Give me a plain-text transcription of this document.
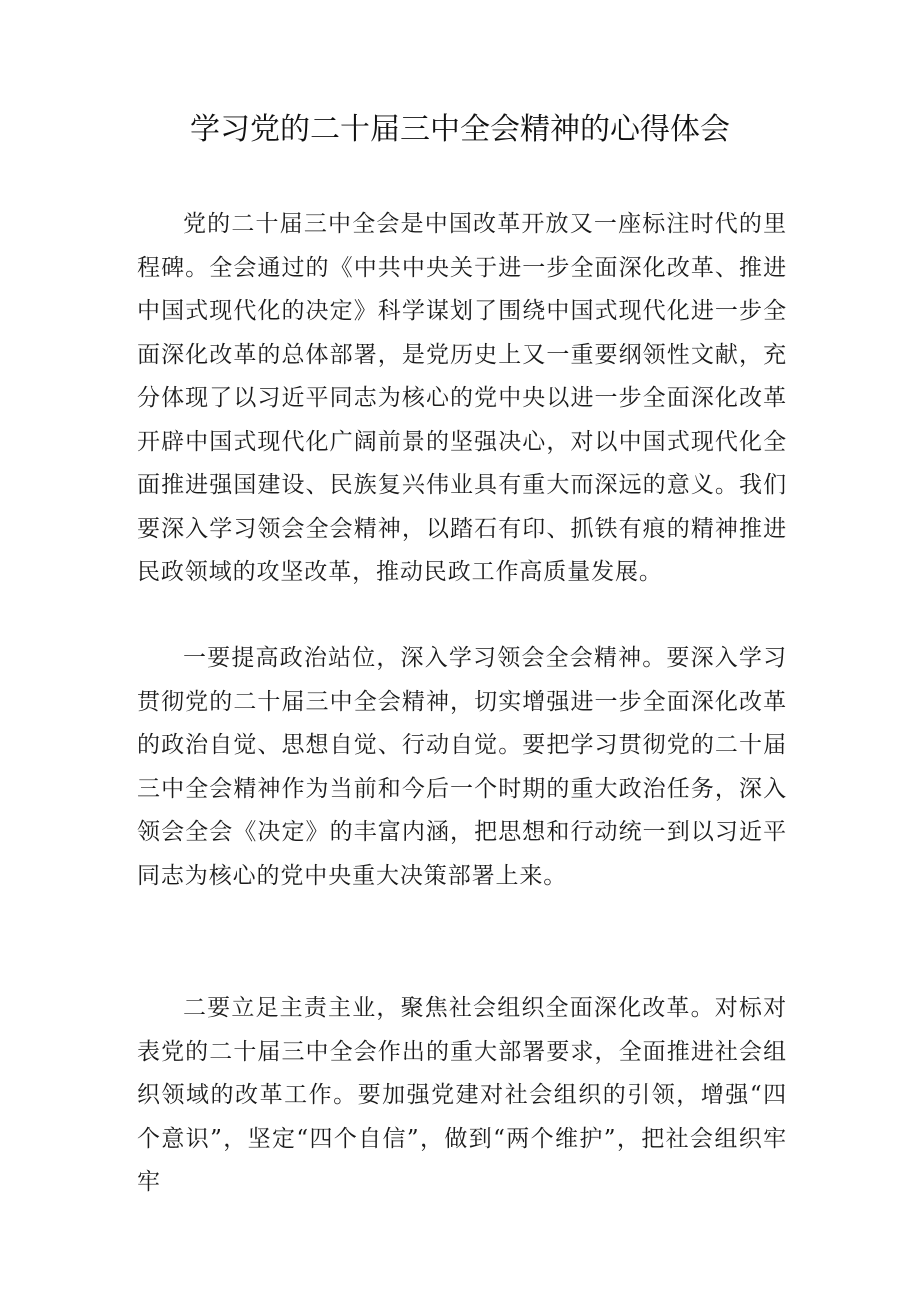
学习党的二十届三中全会精神的心得体会

党的二十届三中全会是中国改革开放又一座标注时代的里程碑。全会通过的《中共中央关于进一步全面深化改革、推进中国式现代化的决定》科学谋划了围绕中国式现代化进一步全面深化改革的总体部署，是党历史上又一重要纲领性文献，充分体现了以习近平同志为核心的党中央以进一步全面深化改革开辟中国式现代化广阔前景的坚强决心，对以中国式现代化全面推进强国建设、民族复兴伟业具有重大而深远的意义。我们要深入学习领会全会精神，以踏石有印、抓铁有痕的精神推进民政领域的攻坚改革，推动民政工作高质量发展。

一要提高政治站位，深入学习领会全会精神。要深入学习贯彻党的二十届三中全会精神，切实增强进一步全面深化改革的政治自觉、思想自觉、行动自觉。要把学习贯彻党的二十届三中全会精神作为当前和今后一个时期的重大政治任务，深入领会全会《决定》的丰富内涵，把思想和行动统一到以习近平同志为核心的党中央重大决策部署上来。

二要立足主责主业，聚焦社会组织全面深化改革。对标对表党的二十届三中全会作出的重大部署要求，全面推进社会组织领域的改革工作。要加强党建对社会组织的引领，增强“四个意识”，坚定“四个自信”，做到“两个维护”，把社会组织牢牢
